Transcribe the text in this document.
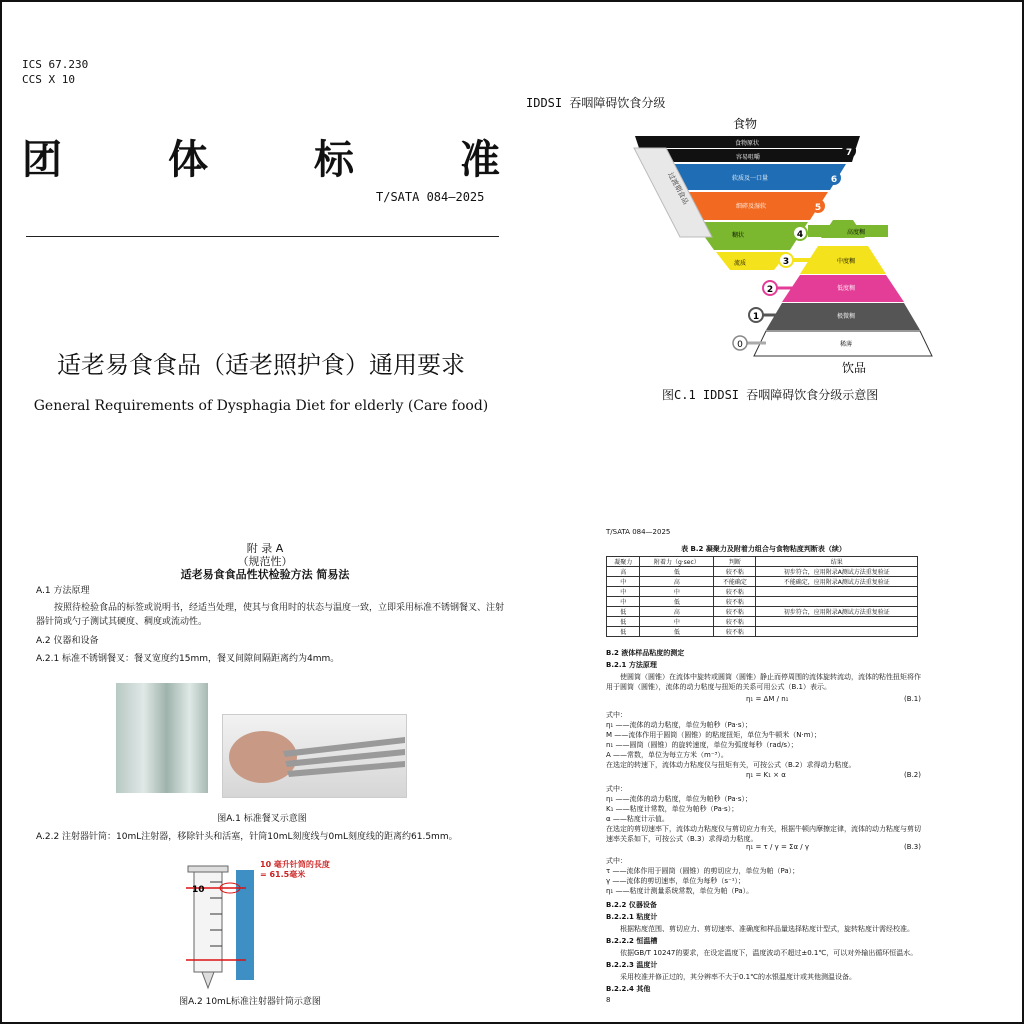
ICS 67.230
CCS X 10
团	体	标	准
T/SATA 084—2025
适老易食食品（适老照护食）通用要求
General Requirements of Dysphagia Diet for elderly (Care food)
IDDSI 吞咽障碍饮食分级
食物
食物原状
容易咀嚼
软质及一口量
细碎及湿软
糊状
流质
过渡期食品
高度稠
中度稠
低度稠
极微稠
稀薄
饮品
7
6
5
4
3
2
1
0
图C.1 IDDSI 吞咽障碍饮食分级示意图
附 录 A
（规范性）
适老易食食品性状检验方法 简易法
A.1 方法原理
按照待检验食品的标签或说明书，经适当处理，使其与食用时的状态与温度一致，立即采用标准不锈钢餐叉、注射器针筒或勺子测试其硬度、稠度或流动性。
A.2 仪器和设备
A.2.1 标准不锈钢餐叉：餐叉宽度约15mm，餐叉间隙间隔距离约为4mm。
图A.1 标准餐叉示意图
A.2.2 注射器针筒：10mL注射器，移除针头和活塞，针筒10mL刻度线与0mL刻度线的距离约61.5mm。
10
10 毫升针筒的長度
= 61.5毫米
图A.2 10mL标准注射器针筒示意图
T/SATA 084—2025
表 B.2 凝聚力及附着力组合与食物粘度判断表（续）
凝聚力	附着力（g·sec）	判断	结果
高	低	较不粘	初步符合，应用附录A测试方法重复验证
中	高	不能确定	不能确定，应用附录A测试方法重复验证
中	中	较不粘	
中	低	较不粘	
低	高	较不粘	初步符合，应用附录A测试方法重复验证
低	中	较不粘	
低	低	较不粘	
B.2 液体样品粘度的测定
B.2.1 方法原理
使圆筒（圆锥）在流体中旋转或圆筒（圆锥）静止而停周围的流体旋转流动，流体的粘性扭矩将作用于圆筒（圆锥），流体的动力粘度与扭矩的关系可用公式（B.1）表示。
η₁ = ΔM / n₁	(B.1)
式中：
η₁ ——流体的动力粘度，单位为帕秒（Pa·s）；
M ——流体作用于圆筒（圆锥）的粘度扭矩，单位为牛顿米（N·m）；
n₁ ——圆筒（圆锥）的旋转速度，单位为弧度每秒（rad/s）；
A ——常数，单位为每立方米（m⁻³）。
在选定的转速下，流体动力粘度仪与扭矩有关，可按公式（B.2）求得动力粘度。
η₁ = K₁ × α	(B.2)
式中：
η₁ ——流体的动力粘度，单位为帕秒（Pa·s）；
K₁ ——粘度计常数，单位为帕秒（Pa·s）；
α ——粘度计示值。
在选定的剪切速率下，流体动力粘度仪与剪切应力有关，根据牛顿内摩擦定律，流体的动力粘度与剪切速率关系如下，可按公式（B.3）求得动力粘度。
η₁ = τ / γ = Σα / γ	(B.3)
式中：
τ ——流体作用于圆筒（圆锥）的剪切应力，单位为帕（Pa）；
γ ——流体的剪切速率，单位为每秒（s⁻¹）；
η₁ ——粘度计测量系统常数，单位为帕（Pa）。
B.2.2 仪器设备
B.2.2.1 粘度计
根据粘度范围、剪切应力、剪切速率、准确度和样品量选择粘度计型式，旋转粘度计需经校准。
B.2.2.2 恒温槽
依据GB/T 10247的要求，在设定温度下，温度波动不超过±0.1℃，可以对外输出循环恒温水。
B.2.2.3 温度计
采用校准并修正过的，其分辨率不大于0.1℃的水银温度计或其他测温设备。
B.2.2.4 其他
8
